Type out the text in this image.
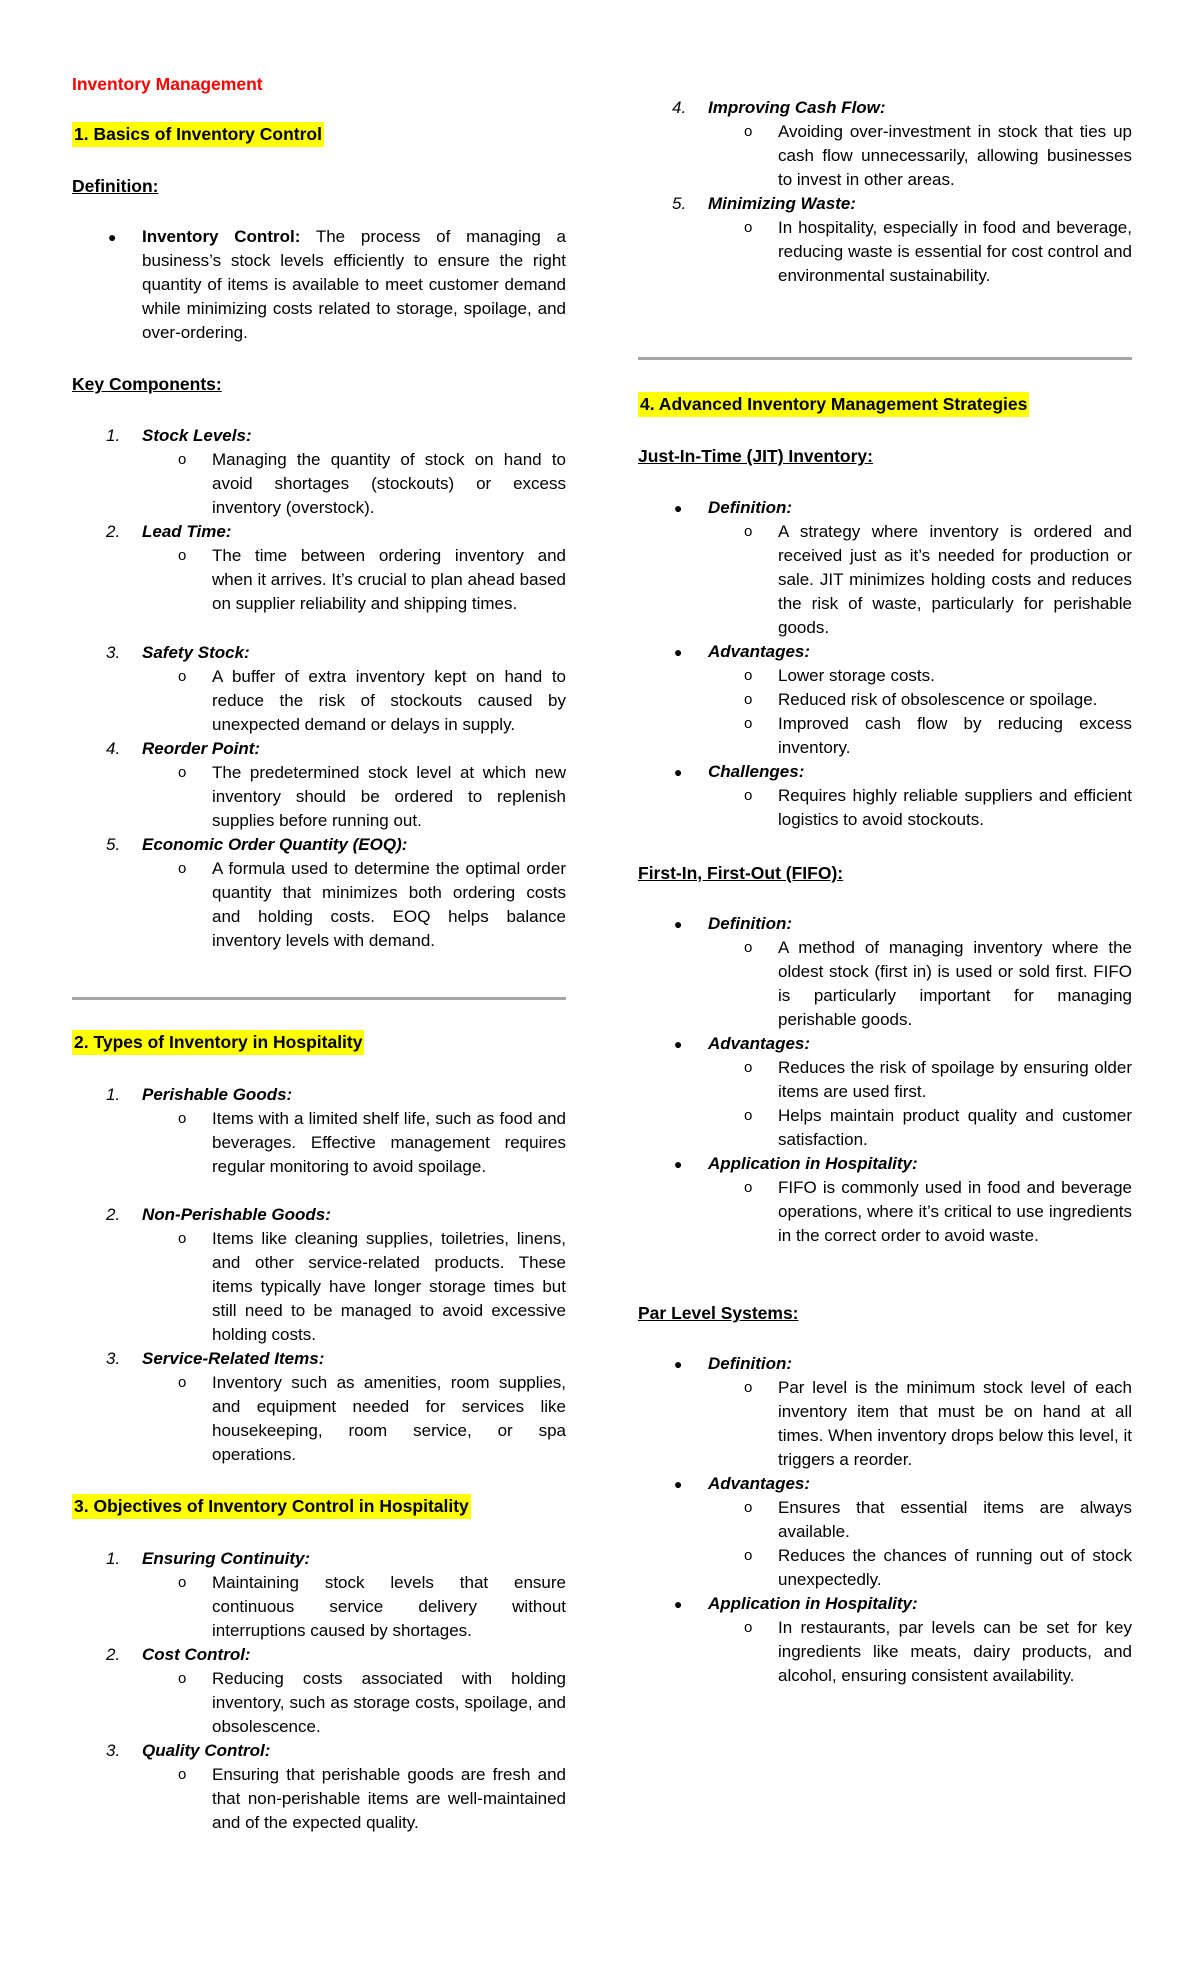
Inventory Management
1. Basics of Inventory Control
Definition:
● Inventory Control: The process of managing a business’s stock levels efficiently to ensure the right quantity of items is available to meet customer demand while minimizing costs related to storage, spoilage, and over-ordering.
Key Components:
1. Stock Levels:
o Managing the quantity of stock on hand to avoid shortages (stockouts) or excess inventory (overstock).
2. Lead Time:
o The time between ordering inventory and when it arrives. It’s crucial to plan ahead based on supplier reliability and shipping times.
3. Safety Stock:
o A buffer of extra inventory kept on hand to reduce the risk of stockouts caused by unexpected demand or delays in supply.
4. Reorder Point:
o The predetermined stock level at which new inventory should be ordered to replenish supplies before running out.
5. Economic Order Quantity (EOQ):
o A formula used to determine the optimal order quantity that minimizes both ordering costs and holding costs. EOQ helps balance inventory levels with demand.
2. Types of Inventory in Hospitality
1. Perishable Goods:
o Items with a limited shelf life, such as food and beverages. Effective management requires regular monitoring to avoid spoilage.
2. Non-Perishable Goods:
o Items like cleaning supplies, toiletries, linens, and other service-related products. These items typically have longer storage times but still need to be managed to avoid excessive holding costs.
3. Service-Related Items:
o Inventory such as amenities, room supplies, and equipment needed for services like housekeeping, room service, or spa operations.
3. Objectives of Inventory Control in Hospitality
1. Ensuring Continuity:
o Maintaining stock levels that ensure continuous service delivery without interruptions caused by shortages.
2. Cost Control:
o Reducing costs associated with holding inventory, such as storage costs, spoilage, and obsolescence.
3. Quality Control:
o Ensuring that perishable goods are fresh and that non-perishable items are well-maintained and of the expected quality.
4. Improving Cash Flow:
o Avoiding over-investment in stock that ties up cash flow unnecessarily, allowing businesses to invest in other areas.
5. Minimizing Waste:
o In hospitality, especially in food and beverage, reducing waste is essential for cost control and environmental sustainability.
4. Advanced Inventory Management Strategies
Just-In-Time (JIT) Inventory:
● Definition:
o A strategy where inventory is ordered and received just as it’s needed for production or sale. JIT minimizes holding costs and reduces the risk of waste, particularly for perishable goods.
● Advantages:
o Lower storage costs.
o Reduced risk of obsolescence or spoilage.
o Improved cash flow by reducing excess inventory.
● Challenges:
o Requires highly reliable suppliers and efficient logistics to avoid stockouts.
First-In, First-Out (FIFO):
● Definition:
o A method of managing inventory where the oldest stock (first in) is used or sold first. FIFO is particularly important for managing perishable goods.
● Advantages:
o Reduces the risk of spoilage by ensuring older items are used first.
o Helps maintain product quality and customer satisfaction.
● Application in Hospitality:
o FIFO is commonly used in food and beverage operations, where it’s critical to use ingredients in the correct order to avoid waste.
Par Level Systems:
● Definition:
o Par level is the minimum stock level of each inventory item that must be on hand at all times. When inventory drops below this level, it triggers a reorder.
● Advantages:
o Ensures that essential items are always available.
o Reduces the chances of running out of stock unexpectedly.
● Application in Hospitality:
o In restaurants, par levels can be set for key ingredients like meats, dairy products, and alcohol, ensuring consistent availability.
